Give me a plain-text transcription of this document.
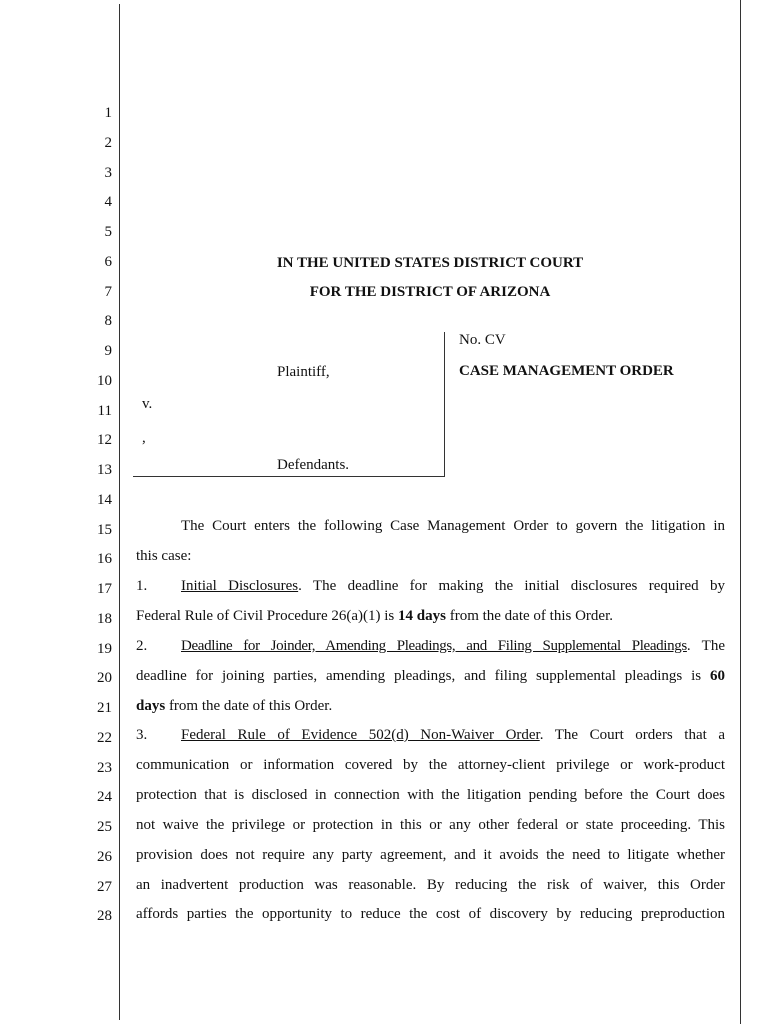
1
2
3
4
5
6
7
8
9
10
11
12
13
14
15
16
17
18
19
20
21
22
23
24
25
26
27
28
IN THE UNITED STATES DISTRICT COURT
FOR THE DISTRICT OF ARIZONA
Plaintiff,
v.
,
Defendants.
No. CV
CASE MANAGEMENT ORDER
The Court enters the following Case Management Order to govern the litigation in
this case:
1. Initial Disclosures. The deadline for making the initial disclosures required by
Federal Rule of Civil Procedure 26(a)(1) is 14 days from the date of this Order.
2. Deadline for Joinder, Amending Pleadings, and Filing Supplemental Pleadings. The
deadline for joining parties, amending pleadings, and filing supplemental pleadings is 60
days from the date of this Order.
3. Federal Rule of Evidence 502(d) Non-Waiver Order. The Court orders that a
communication or information covered by the attorney-client privilege or work-product
protection that is disclosed in connection with the litigation pending before the Court does
not waive the privilege or protection in this or any other federal or state proceeding. This
provision does not require any party agreement, and it avoids the need to litigate whether
an inadvertent production was reasonable. By reducing the risk of waiver, this Order
affords parties the opportunity to reduce the cost of discovery by reducing preproduction
